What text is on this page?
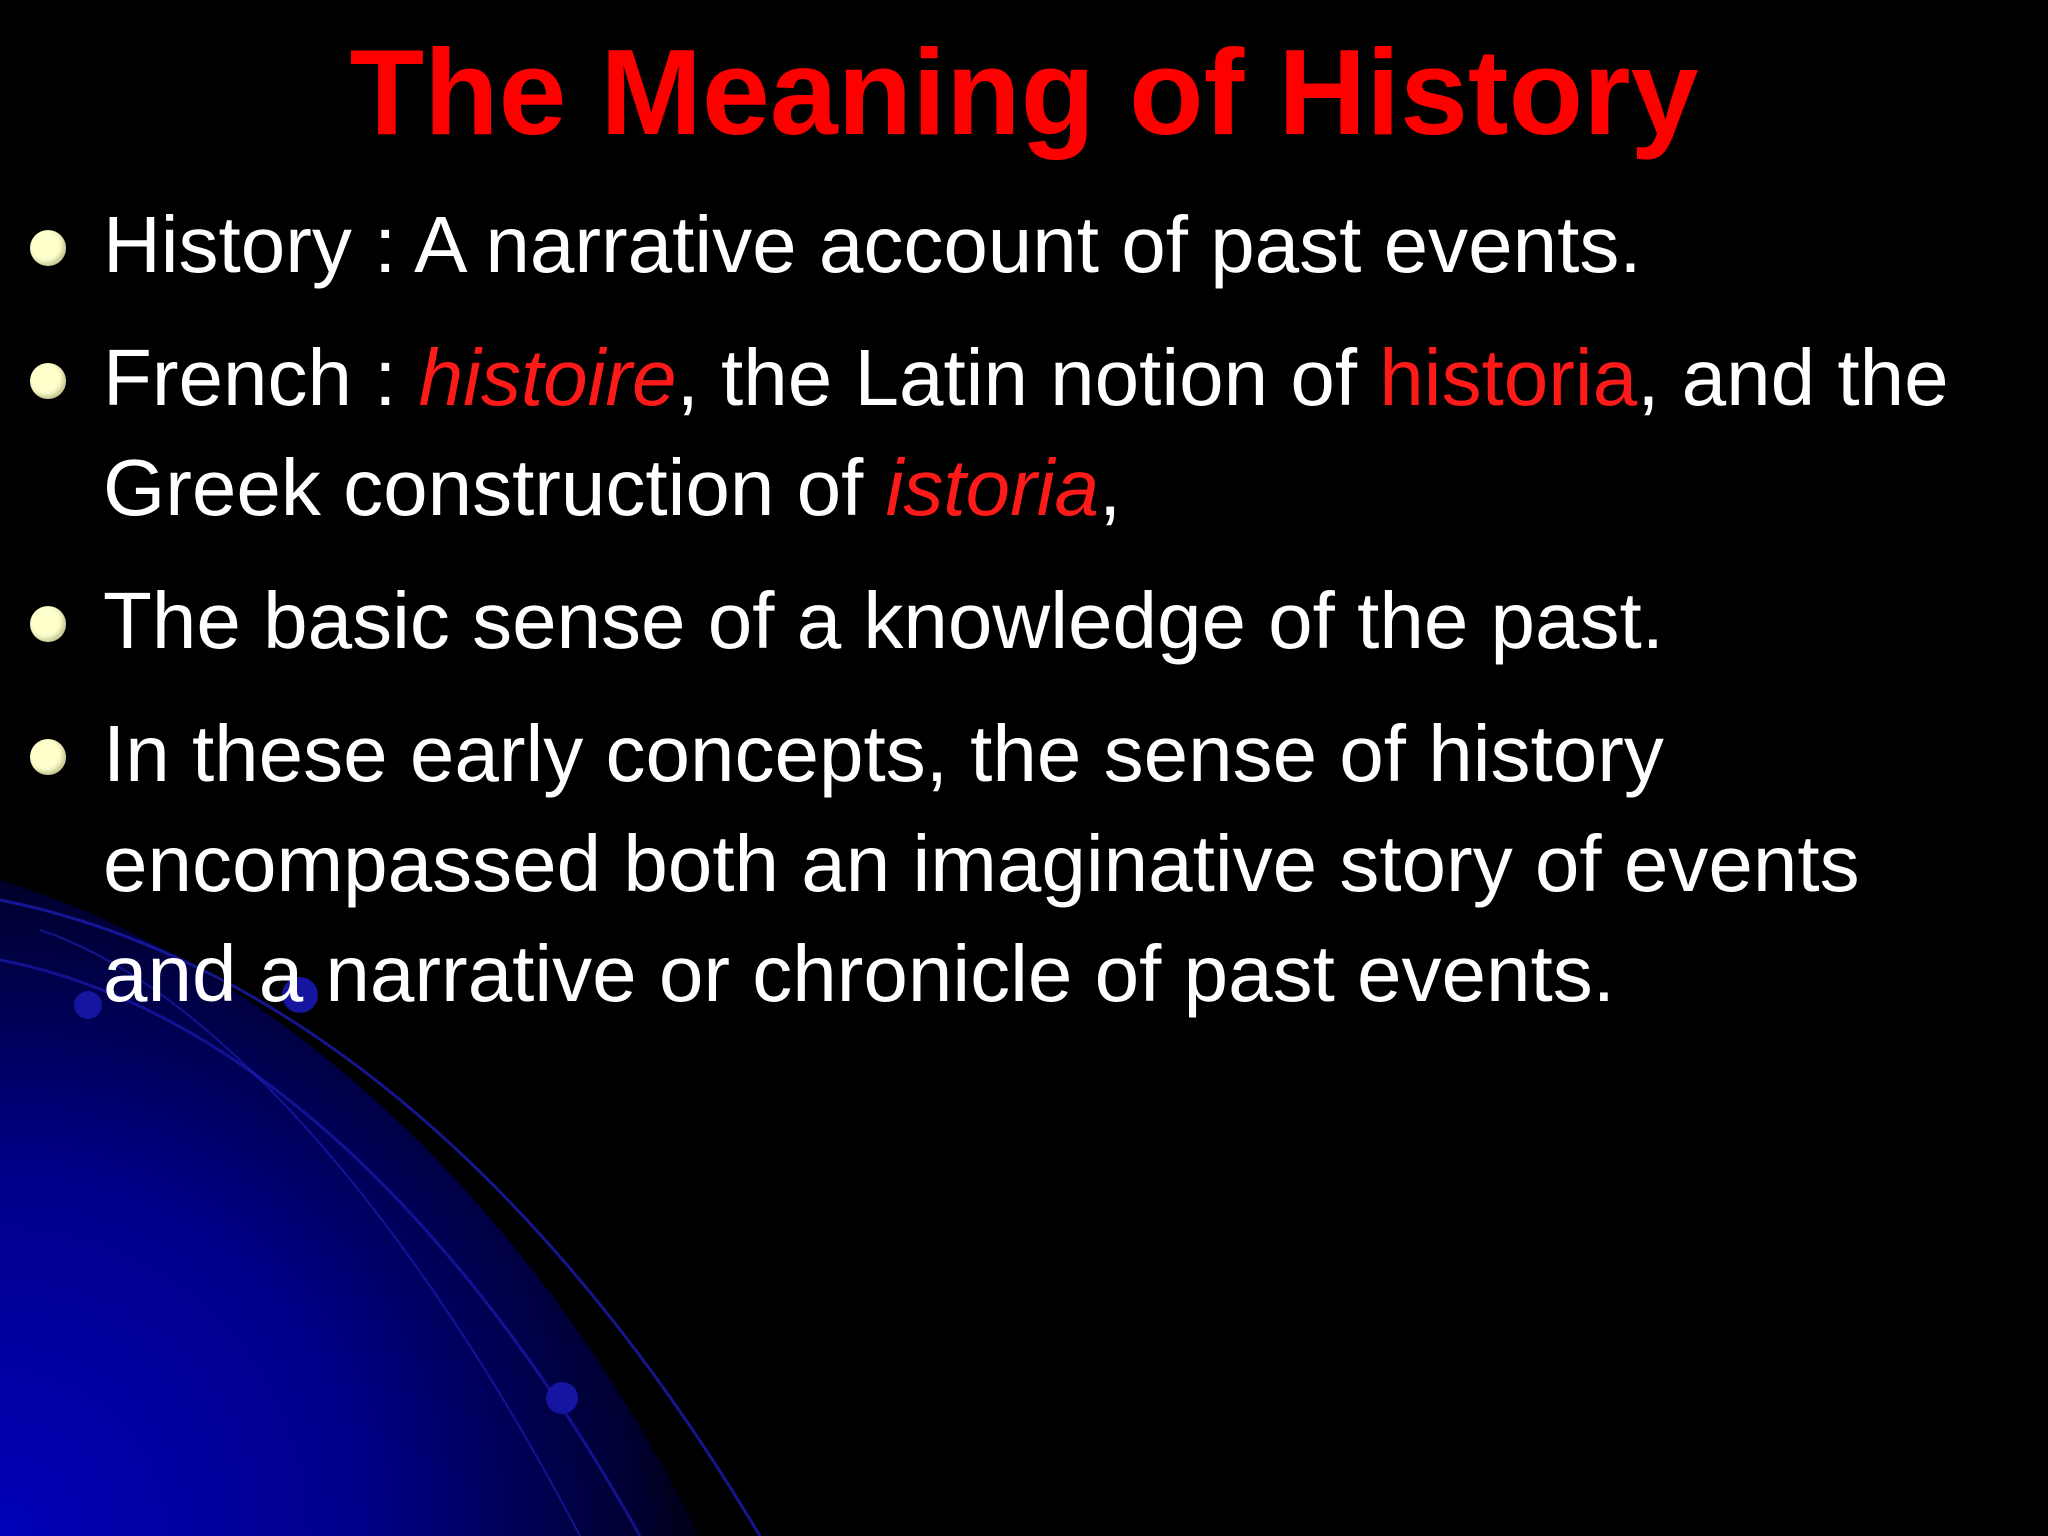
The Meaning of History
History : A narrative account of past events.
French : histoire, the Latin notion of historia, and the Greek construction of istoria,
The basic sense of a knowledge of the past.
In these early concepts, the sense of history encompassed both an imaginative story of events and a narrative or chronicle of past events.
